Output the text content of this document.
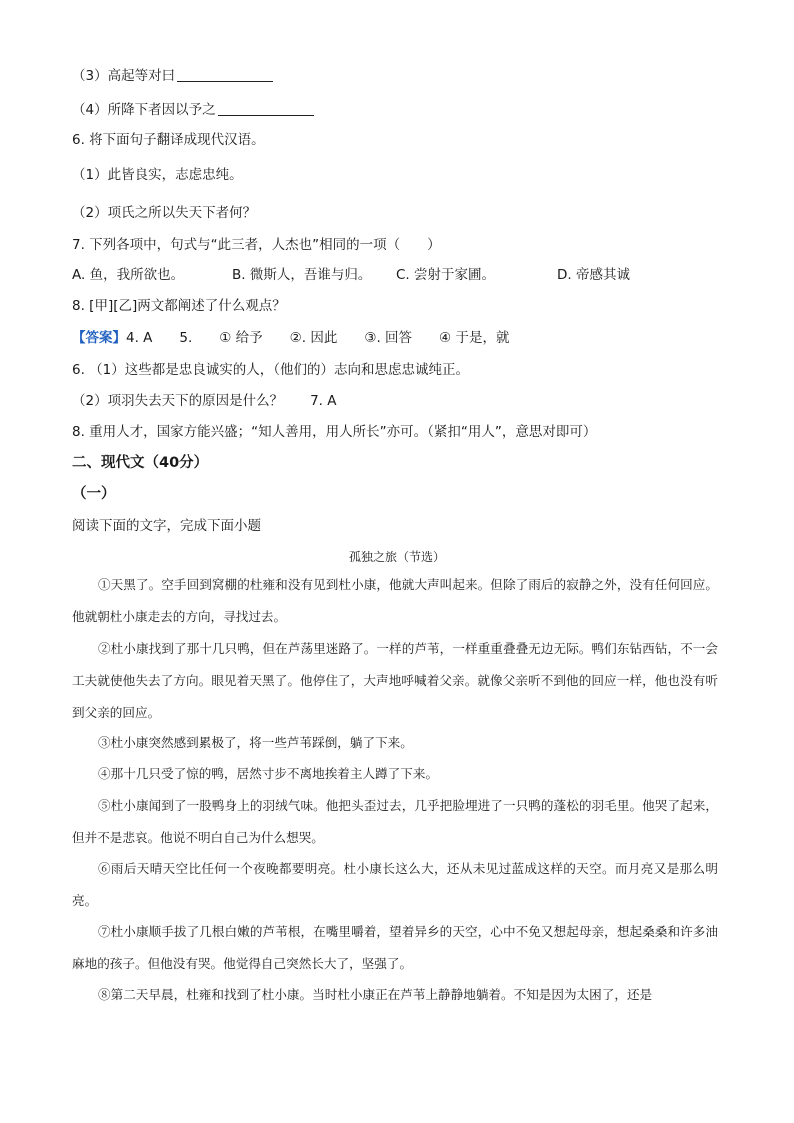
（3）高起等对曰
（4）所降下者因以予之
6. 将下面句子翻译成现代汉语。
（1）此皆良实，志虑忠纯。
（2）项氏之所以失天下者何？
7. 下列各项中，句式与“此三者，人杰也”相同的一项（　　）
A. 鱼，我所欲也。	B. 微斯人，吾谁与归。 C. 尝射于家圃。	D. 帝感其诚
8. [甲][乙]两文都阐述了什么观点？
【答案】4. A　　5.　　① 给予　　②. 因此　　③. 回答　　④ 于是，就
6. （1）这些都是忠良诚实的人，（他们的）志向和思虑忠诚纯正。
（2）项羽失去天下的原因是什么？　　7. A
8. 重用人才，国家方能兴盛；“知人善用，用人所长”亦可。（紧扣“用人”，意思对即可）
二、现代文（40分）
（一）
阅读下面的文字，完成下面小题
孤独之旅（节选）
①天黑了。空手回到窝棚的杜雍和没有见到杜小康，他就大声叫起来。但除了雨后的寂静之外，没有任何回应。他就朝杜小康走去的方向，寻找过去。
②杜小康找到了那十几只鸭，但在芦荡里迷路了。一样的芦苇，一样重重叠叠无边无际。鸭们东钻西钻，不一会工夫就使他失去了方向。眼见着天黑了。他停住了，大声地呼喊着父亲。就像父亲听不到他的回应一样，他也没有听到父亲的回应。
③杜小康突然感到累极了，将一些芦苇踩倒，躺了下来。
④那十几只受了惊的鸭，居然寸步不离地挨着主人蹲了下来。
⑤杜小康闻到了一股鸭身上的羽绒气味。他把头歪过去，几乎把脸埋进了一只鸭的蓬松的羽毛里。他哭了起来，但并不是悲哀。他说不明白自己为什么想哭。
⑥雨后天晴天空比任何一个夜晚都要明亮。杜小康长这么大，还从未见过蓝成这样的天空。而月亮又是那么明亮。
⑦杜小康顺手拔了几根白嫩的芦苇根，在嘴里嚼着，望着异乡的天空，心中不免又想起母亲，想起桑桑和许多油麻地的孩子。但他没有哭。他觉得自己突然长大了，坚强了。
⑧第二天早晨，杜雍和找到了杜小康。当时杜小康正在芦苇上静静地躺着。不知是因为太困了，还是
